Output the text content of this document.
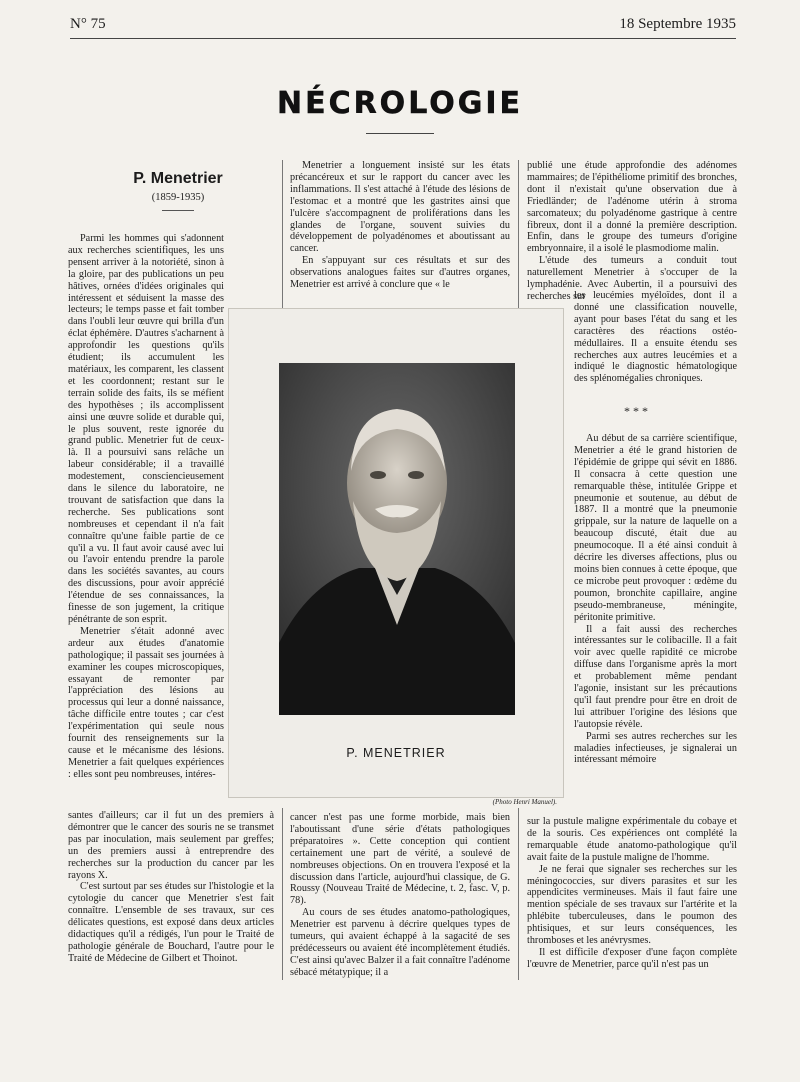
N° 75	18 Septembre 1935
NÉCROLOGIE
P. Menetrier
(1859-1935)

Parmi les hommes qui s'adonnent aux recherches scientifiques, les uns pensent arriver à la notoriété, sinon à la gloire, par des publications un peu hâtives, ornées d'idées originales qui intéressent et séduisent la masse des lecteurs; le temps passe et fait tomber dans l'oubli leur œuvre qui brilla d'un éclat éphémère. D'autres s'acharnent à approfondir les questions qu'ils étudient; ils accumulent les matériaux, les comparent, les classent et les coordonnent; restant sur le terrain solide des faits, ils se méfient des hypothèses ; ils accomplissent ainsi une œuvre solide et durable qui, le plus souvent, reste ignorée du grand public. Menetrier fut de ceux-là. Il a poursuivi sans relâche un labeur considérable; il a travaillé modestement, consciencieusement dans le silence du laboratoire, ne trouvant de satisfaction que dans la recherche. Ses publications sont nombreuses et cependant il n'a fait connaître qu'une faible partie de ce qu'il a vu. Il faut avoir causé avec lui ou l'avoir entendu prendre la parole dans les sociétés savantes, au cours des discussions, pour avoir apprécié l'étendue de ses connaissances, la finesse de son jugement, la critique pénétrante de son esprit.

Menetrier s'était adonné avec ardeur aux études d'anatomie pathologique; il passait ses journées à examiner les coupes microscopiques, essayant de remonter par l'appréciation des lésions au processus qui leur a donné naissance, tâche difficile entre toutes ; car c'est l'expérimentation qui seule nous fournit des renseignements sur la cause et le mécanisme des lésions. Menetrier a fait quelques expériences : elles sont peu nombreuses, intéres-

santes d'ailleurs; car il fut un des premiers à démontrer que le cancer des souris ne se transmet pas par inoculation, mais seulement par greffes; un des premiers aussi à entreprendre des recherches sur la production du cancer par les rayons X.

C'est surtout par ses études sur l'histologie et la cytologie du cancer que Menetrier s'est fait connaître. L'ensemble de ses travaux, sur ces délicates questions, est exposé dans deux articles didactiques qu'il a rédigés, l'un pour le Traité de pathologie générale de Bouchard, l'autre pour le Traité de Médecine de Gilbert et Thoinot.

Menetrier a longuement insisté sur les états précancéreux et sur le rapport du cancer avec les inflammations. Il s'est attaché à l'étude des lésions de l'estomac et a montré que les gastrites ainsi que l'ulcère s'accompagnent de proliférations dans les glandes de l'organe, souvent suivies du développement de polyadénomes et aboutissant au cancer.

En s'appuyant sur ces résultats et sur des observations analogues faites sur d'autres organes, Menetrier est arrivé à conclure que « le

cancer n'est pas une forme morbide, mais bien l'aboutissant d'une série d'états pathologiques préparatoires ». Cette conception qui contient certainement une part de vérité, a soulevé de nombreuses objections. On en trouvera l'exposé et la discussion dans l'article, aujourd'hui classique, de G. Roussy (Nouveau Traité de Médecine, t. 2, fasc. V, p. 78).

Au cours de ses études anatomo-pathologiques, Menetrier est parvenu à décrire quelques types de tumeurs, qui avaient échappé à la sagacité de ses prédécesseurs ou avaient été incomplètement étudiés. C'est ainsi qu'avec Balzer il a fait connaître l'adénome sébacé métatypique; il a

publié une étude approfondie des adénomes mammaires; de l'épithéliome primitif des bronches, dont il n'existait qu'une observation due à Friedländer; de l'adénome utérin à stroma sarcomateux; du polyadénome gastrique à centre fibreux, dont il a donné la première description. Enfin, dans le groupe des tumeurs d'origine embryonnaire, il a isolé le plasmodiome malin.

L'étude des tumeurs a conduit tout naturellement Menetrier à s'occuper de la lymphadénie. Avec Aubertin, il a poursuivi des recherches sur

les leucémies myéloïdes, dont il a donné une classification nouvelle, ayant pour bases l'état du sang et les caractères des réactions ostéo-médullaires. Il a ensuite étendu ses recherches aux autres leucémies et a indiqué le diagnostic hématologique des splénomégalies chroniques.

* * *

Au début de sa carrière scientifique, Menetrier a été le grand historien de l'épidémie de grippe qui sévit en 1886. Il consacra à cette question une remarquable thèse, intitulée Grippe et pneumonie et soutenue, au début de 1887. Il a montré que la pneumonie grippale, sur la nature de laquelle on a beaucoup discuté, était due au pneumocoque. Il a été ainsi conduit à décrire les diverses affections, plus ou moins bien connues à cette époque, que ce microbe peut provoquer : œdème du poumon, bronchite capillaire, angine pseudo-membraneuse, méningite, péritonite primitive.

Il a fait aussi des recherches intéressantes sur le colibacille. Il a fait voir avec quelle rapidité ce microbe diffuse dans l'organisme après la mort et probablement même pendant l'agonie, insistant sur les précautions qu'il faut prendre pour être en droit de lui attribuer l'origine des lésions que l'autopsie révèle.

Parmi ses autres recherches sur les maladies infectieuses, je signalerai un intéressant mémoire

sur la pustule maligne expérimentale du cobaye et de la souris. Ces expériences ont complété la remarquable étude anatomo-pathologique qu'il avait faite de la pustule maligne de l'homme.

Je ne ferai que signaler ses recherches sur les méningococcies, sur divers parasites et sur les appendicites vermineuses. Mais il faut faire une mention spéciale de ses travaux sur l'artérite et la phlébite tuberculeuses, dans le poumon des phtisiques, et sur leurs conséquences, les thromboses et les anévrysmes.

Il est difficile d'exposer d'une façon complète l'œuvre de Menetrier, parce qu'il n'est pas un

P. MENETRIER
(Photo Henri Manuel).
